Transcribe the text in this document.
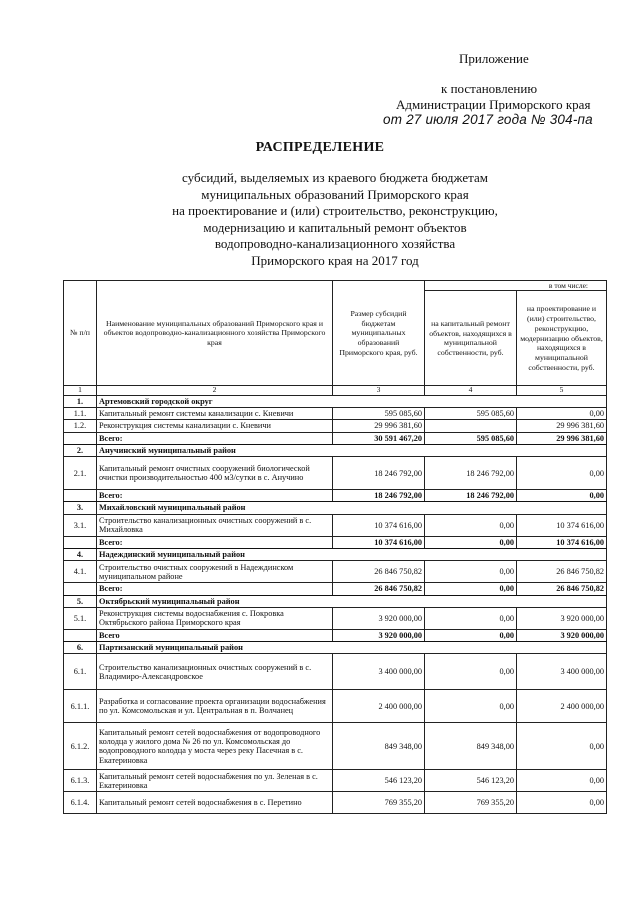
Приложение
к постановлению
Администрации Приморского края
от 27 июля 2017 года № 304-па
РАСПРЕДЕЛЕНИЕ
субсидий, выделяемых из краевого бюджета бюджетам
муниципальных образований Приморского края
на проектирование и (или) строительство, реконструкцию,
модернизацию и капитальный ремонт объектов
водопроводно-канализационного хозяйства
Приморского края на 2017 год
№ п/п	Наименование муниципальных образований Приморского края и объектов водопроводно-канализационного хозяйства Приморского края	Размер субсидий бюджетам муниципальных образований Приморского края, руб.	в том числе:	
			на капитальный ремонт объектов, находящихся в муниципальной собственности, руб.	на проектирование и (или) строительство, реконструкцию, модернизацию объектов, находящихся в муниципальной собственности, руб.
1	2	3	4	5
1.	Артемовский городской округ			
1.1.	Капитальный ремонт системы канализации с. Кневичи	595 085,60	595 085,60	0,00
1.2.	Реконструкция системы канализации с. Кневичи	29 996 381,60		29 996 381,60
	Всего:	30 591 467,20	595 085,60	29 996 381,60
2.	Анучинский муниципальный район			
2.1.	Капитальный ремонт очистных сооружений биологической очистки производительностью 400 м3/сутки в с. Анучино	18 246 792,00	18 246 792,00	0,00
	Всего:	18 246 792,00	18 246 792,00	0,00
3.	Михайловский муниципальный район			
3.1.	Строительство канализационных очистных сооружений в с. Михайловка	10 374 616,00	0,00	10 374 616,00
	Всего:	10 374 616,00	0,00	10 374 616,00
4.	Надеждинский муниципальный район			
4.1.	Строительство очистных сооружений в Надеждинском муниципальном районе	26 846 750,82	0,00	26 846 750,82
	Всего:	26 846 750,82	0,00	26 846 750,82
5.	Октябрьский муниципальный район			
5.1.	Реконструкция системы водоснабжения с. Покровка Октябрьского района Приморского края	3 920 000,00	0,00	3 920 000,00
	Всего	3 920 000,00	0,00	3 920 000,00
6.	Партизанский муниципальный район			
6.1.	Строительство канализационных очистных сооружений в с. Владимиро-Александровское	3 400 000,00	0,00	3 400 000,00
6.1.1.	Разработка и согласование проекта организации водоснабжения по ул. Комсомольская и ул. Центральная в п. Волчанец	2 400 000,00	0,00	2 400 000,00
6.1.2.	Капитальный ремонт сетей водоснабжения от водопроводного колодца у жилого дома № 26 по ул. Комсомольская до водопроводного колодца у моста через реку Пасечная в с. Екатериновка	849 348,00	849 348,00	0,00
6.1.3.	Капитальный ремонт сетей водоснабжения по ул. Зеленая в с. Екатериновка	546 123,20	546 123,20	0,00
6.1.4.	Капитальный ремонт сетей водоснабжения в с. Перетино	769 355,20	769 355,20	0,00
